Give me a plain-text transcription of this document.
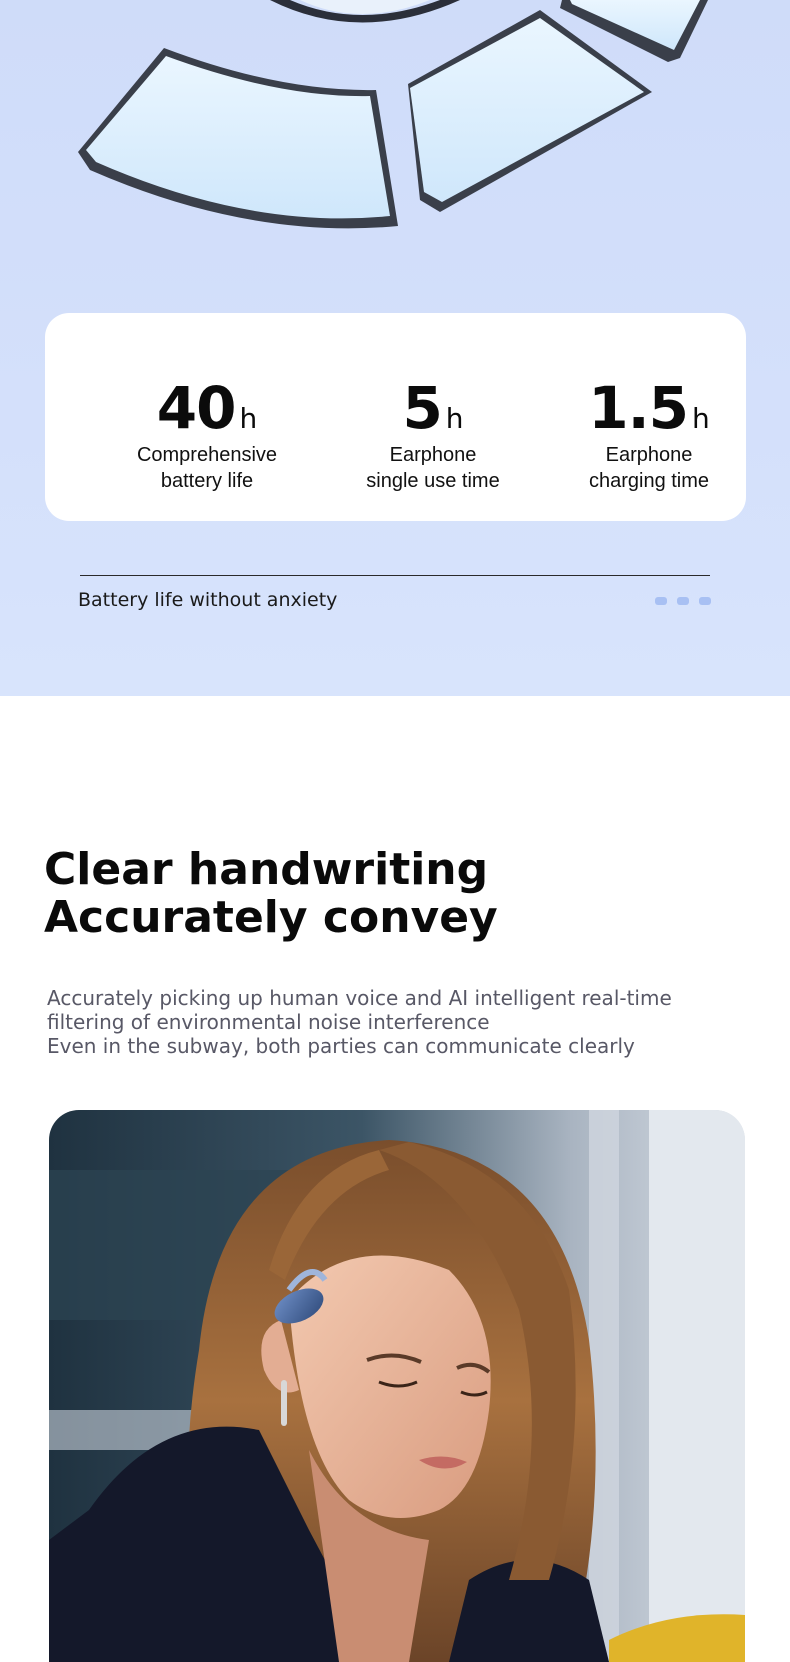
40 h
Comprehensive
battery life
5 h
Earphone
single use time
1.5 h
Earphone
charging time
Battery life without anxiety
Clear handwriting
Accurately convey
Accurately picking up human voice and AI intelligent real-time
filtering of environmental noise interference
Even in the subway, both parties can communicate clearly
